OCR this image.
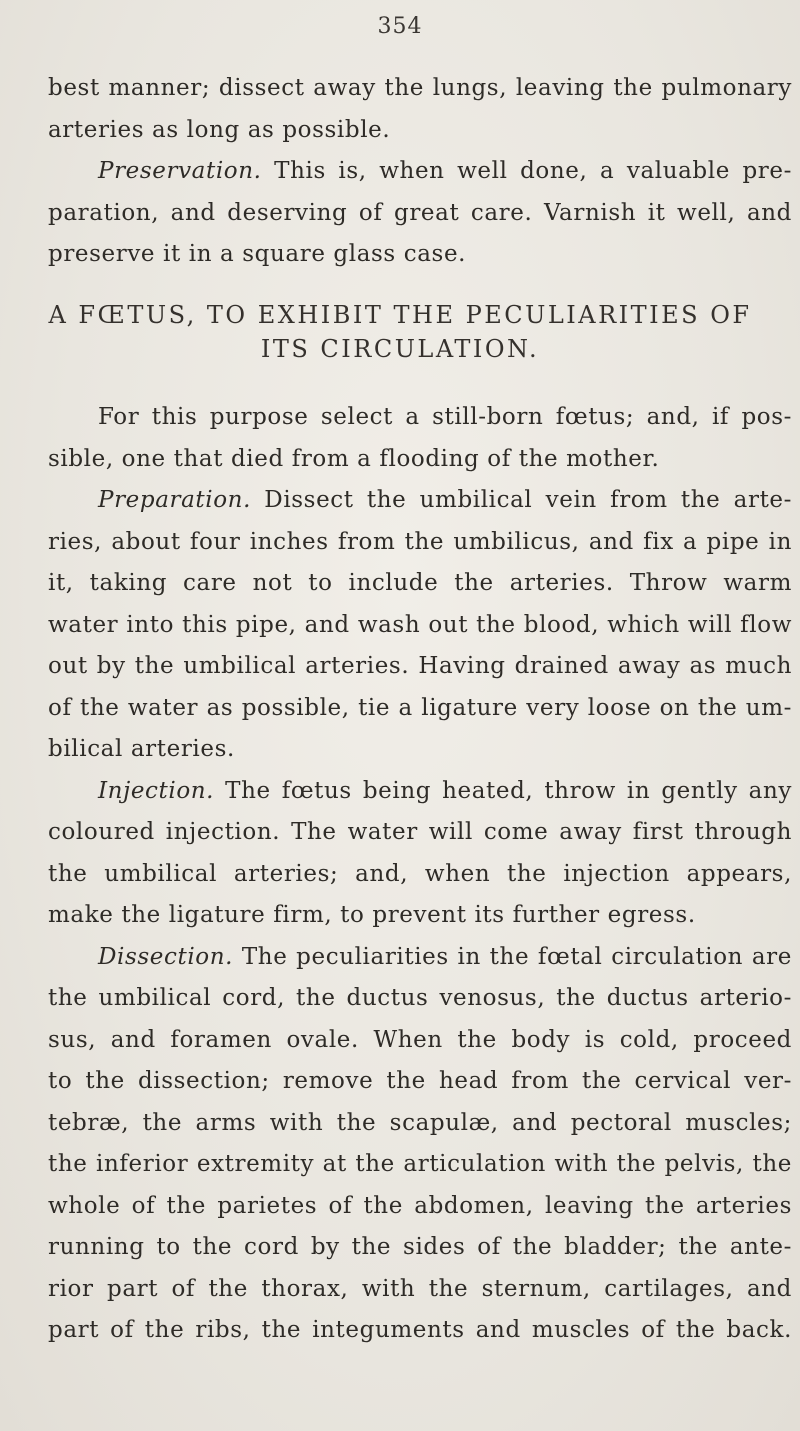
354
best manner; dissect away the lungs, leaving the pulmonary
arteries as long as possible.
Preservation. This is, when well done, a valuable pre-
paration, and deserving of great care. Varnish it well, and
preserve it in a square glass case.
A FŒTUS, TO EXHIBIT THE PECULIARITIES OF
ITS CIRCULATION.
For this purpose select a still-born fœtus; and, if pos-
sible, one that died from a flooding of the mother.
Preparation. Dissect the umbilical vein from the arte-
ries, about four inches from the umbilicus, and fix a pipe in
it, taking care not to include the arteries. Throw warm
water into this pipe, and wash out the blood, which will flow
out by the umbilical arteries. Having drained away as much
of the water as possible, tie a ligature very loose on the um-
bilical arteries.
Injection. The fœtus being heated, throw in gently any
coloured injection. The water will come away first through
the umbilical arteries; and, when the injection appears,
make the ligature firm, to prevent its further egress.
Dissection. The peculiarities in the fœtal circulation are
the umbilical cord, the ductus venosus, the ductus arterio-
sus, and foramen ovale. When the body is cold, proceed
to the dissection; remove the head from the cervical ver-
tebræ, the arms with the scapulæ, and pectoral muscles;
the inferior extremity at the articulation with the pelvis, the
whole of the parietes of the abdomen, leaving the arteries
running to the cord by the sides of the bladder; the ante-
rior part of the thorax, with the sternum, cartilages, and
part of the ribs, the integuments and muscles of the back.
